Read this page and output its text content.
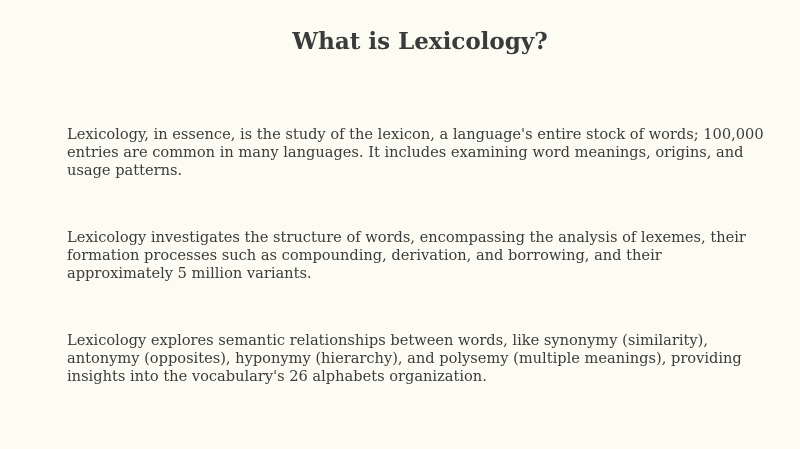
What is Lexicology?

Lexicology, in essence, is the study of the lexicon, a language's entire stock of words; 100,000 entries are common in many languages. It includes examining word meanings, origins, and usage patterns.

Lexicology investigates the structure of words, encompassing the analysis of lexemes, their formation processes such as compounding, derivation, and borrowing, and their approximately 5 million variants.

Lexicology explores semantic relationships between words, like synonymy (similarity), antonymy (opposites), hyponymy (hierarchy), and polysemy (multiple meanings), providing insights into the vocabulary's 26 alphabets organization.
